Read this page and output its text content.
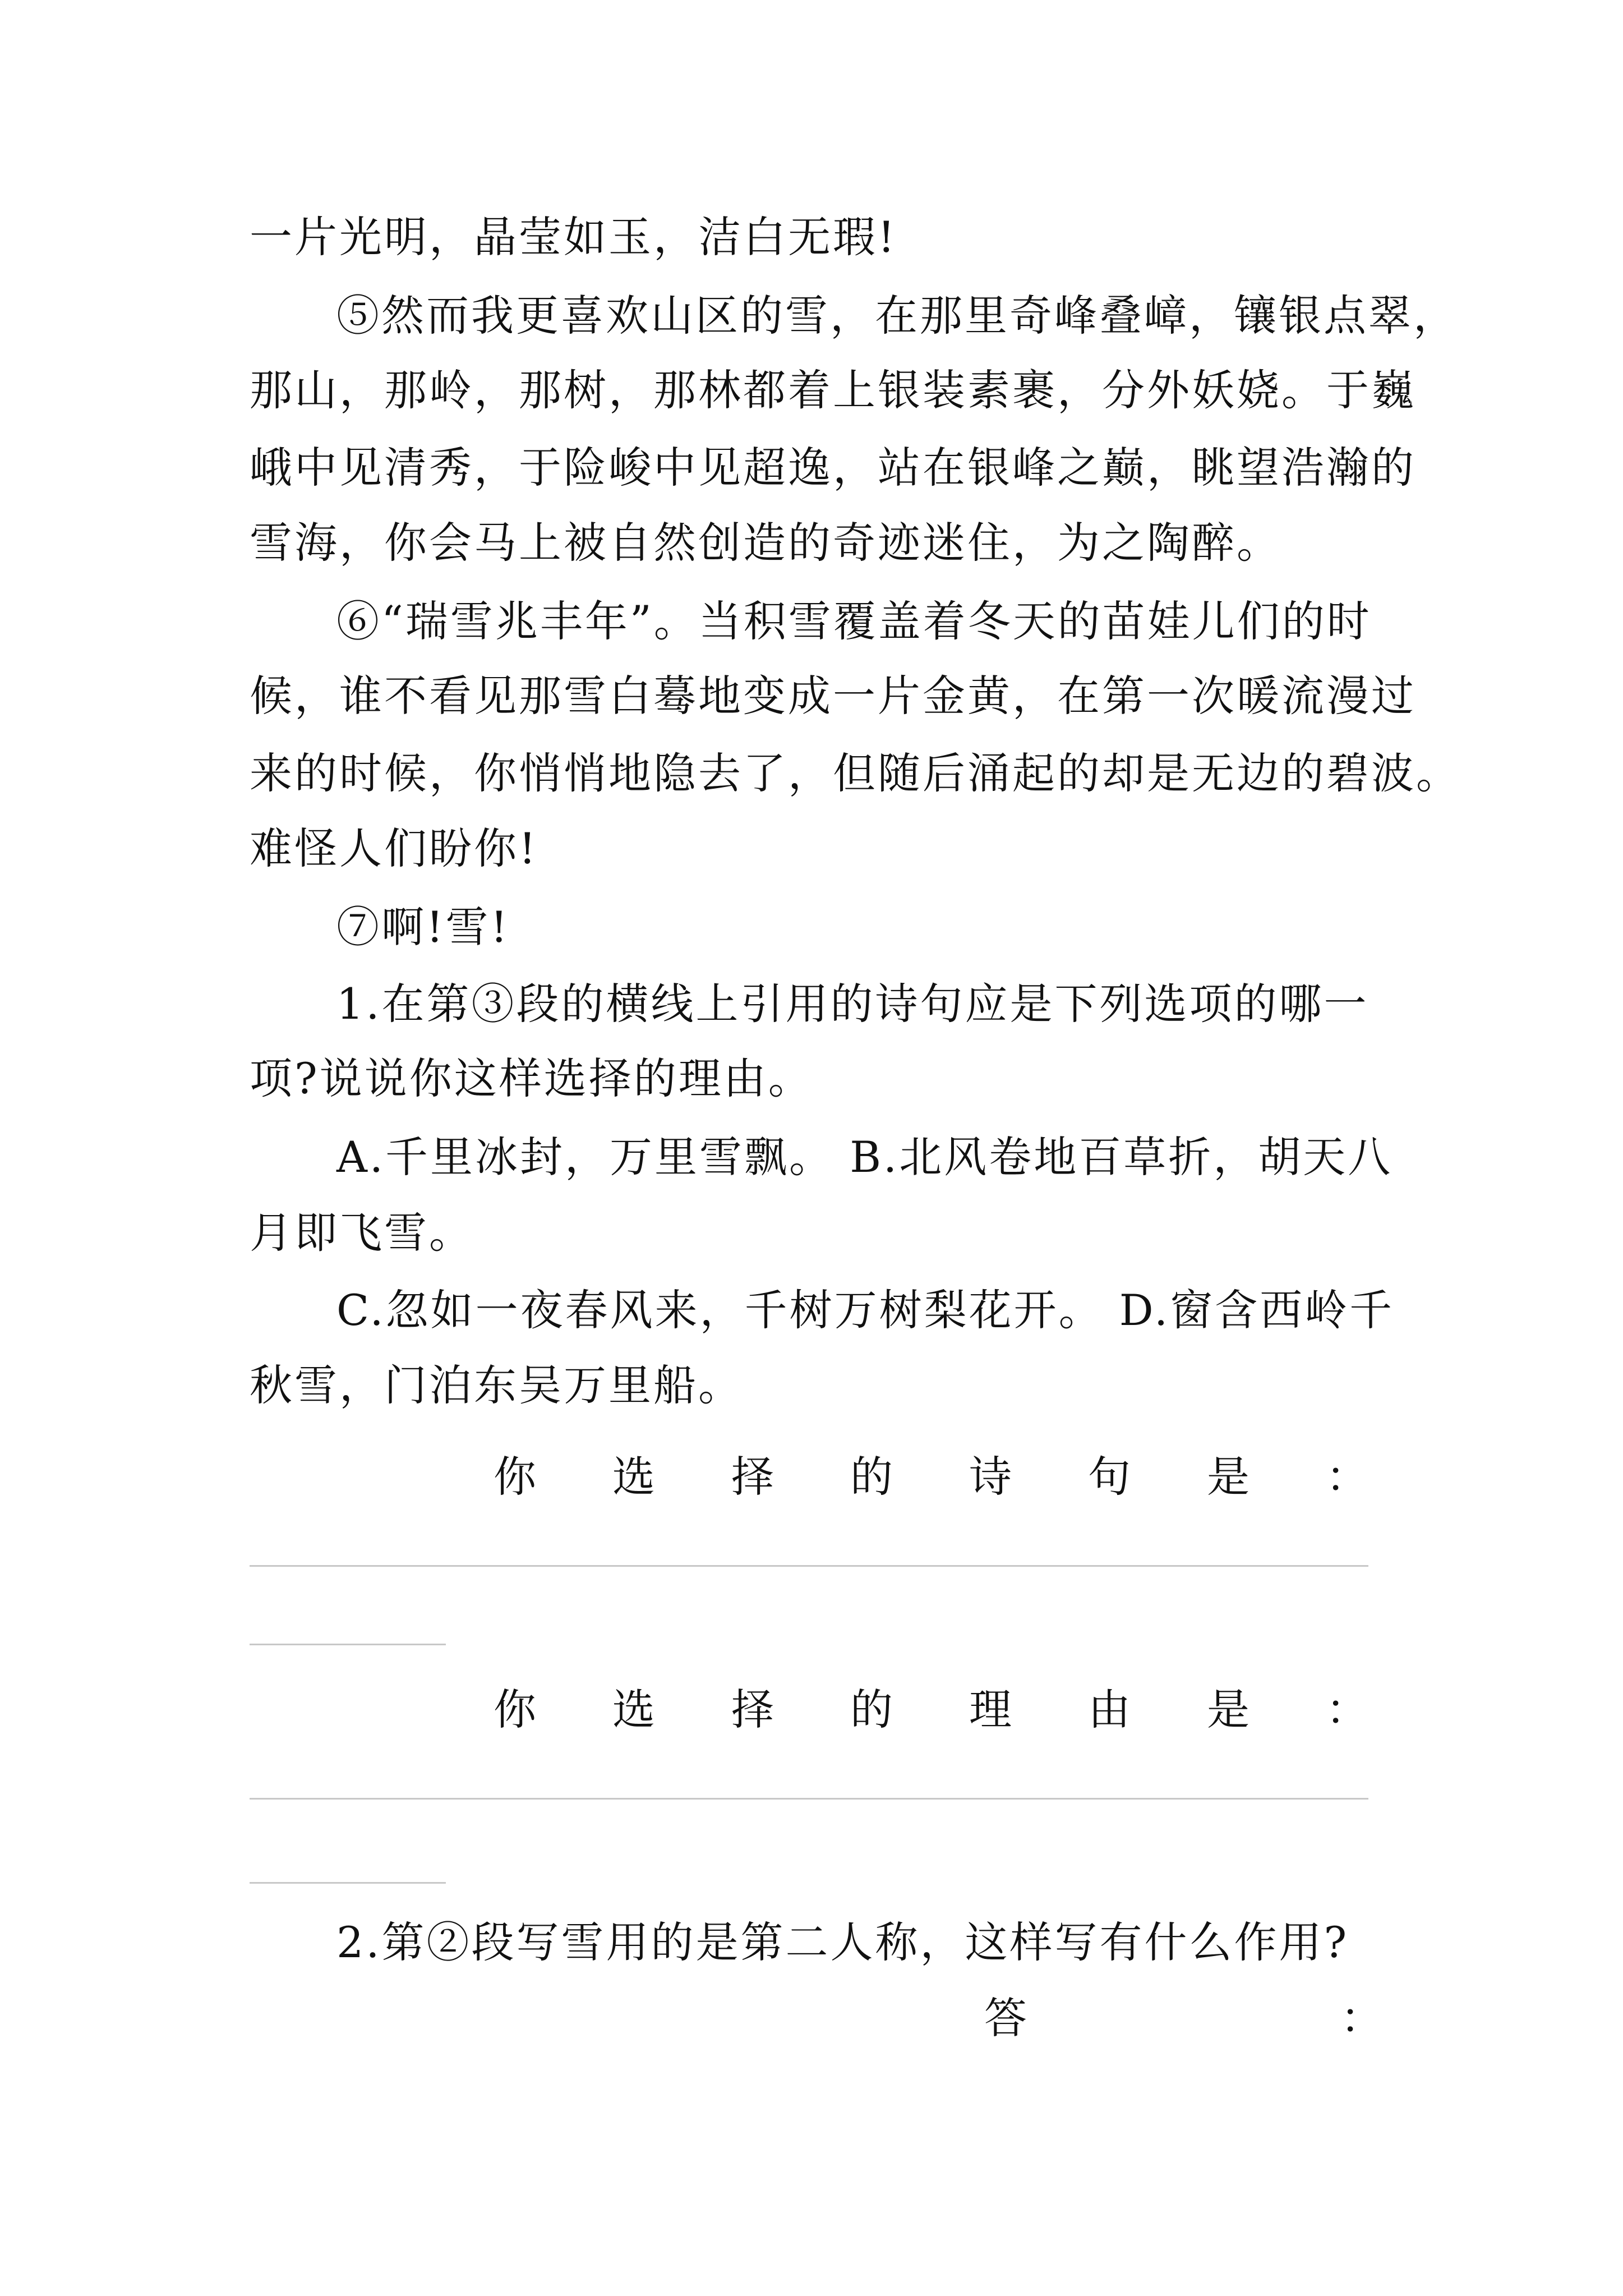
一片光明，晶莹如玉，洁白无瑕!
⑤然而我更喜欢山区的雪，在那里奇峰叠嶂，镶银点翠，
那山，那岭，那树，那林都着上银装素裹，分外妖娆。于巍
峨中见清秀，于险峻中见超逸，站在银峰之巅，眺望浩瀚的
雪海，你会马上被自然创造的奇迹迷住，为之陶醉。
⑥“瑞雪兆丰年”。当积雪覆盖着冬天的苗娃儿们的时
候，谁不看见那雪白蓦地变成一片金黄，在第一次暖流漫过
来的时候，你悄悄地隐去了，但随后涌起的却是无边的碧波。
难怪人们盼你!
⑦啊!雪!
1.在第③段的横线上引用的诗句应是下列选项的哪一
项?说说你这样选择的理由。
A.千里冰封，万里雪飘。 B.北风卷地百草折，胡天八
月即飞雪。
C.忽如一夜春风来，千树万树梨花开。 D.窗含西岭千
秋雪，门泊东吴万里船。
你 选 择 的 诗 句 是 ：
你 选 择 的 理 由 是 ：
2.第②段写雪用的是第二人称，这样写有什么作用?
答	：
